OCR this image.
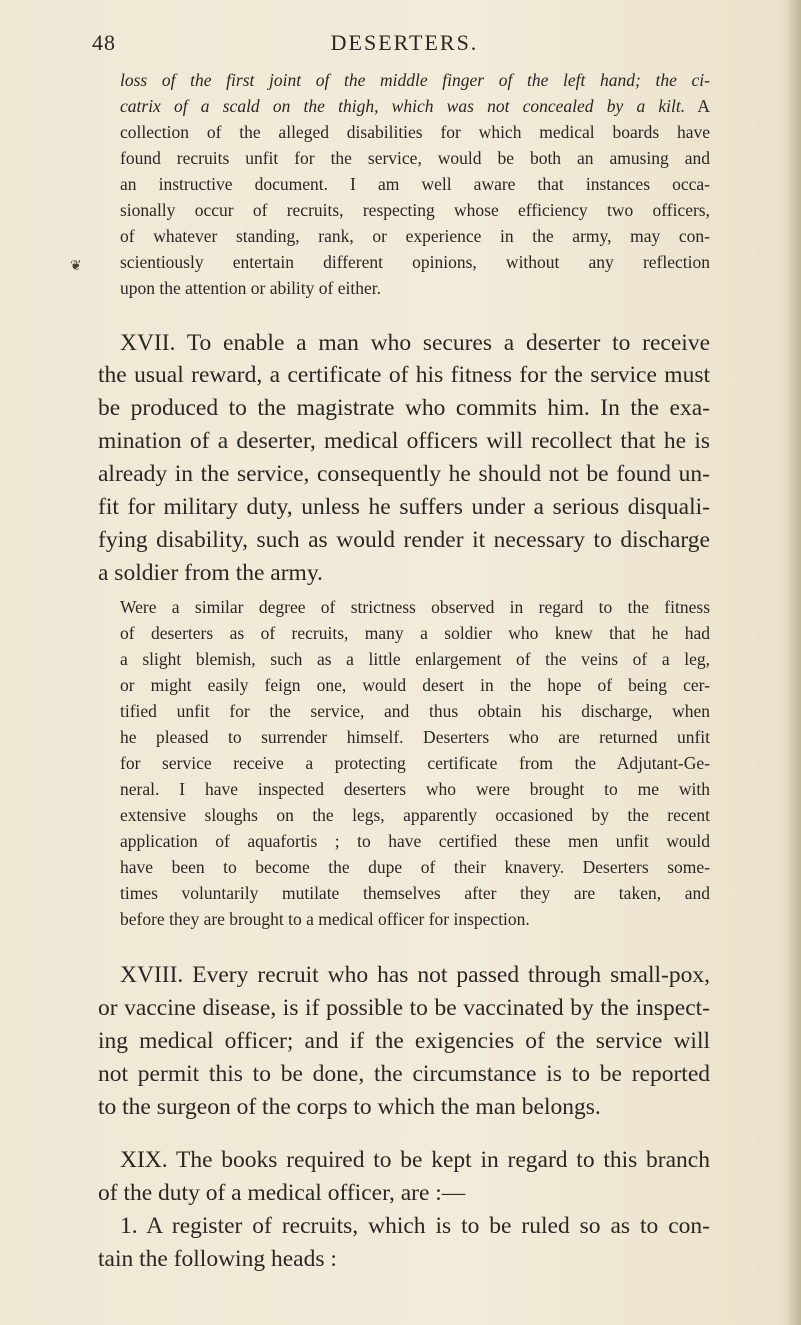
48	DESERTERS.
❦
loss of the first joint of the middle finger of the left hand; the ci-
catrix of a scald on the thigh, which was not concealed by a kilt. A
collection of the alleged disabilities for which medical boards have
found recruits unfit for the service, would be both an amusing and
an instructive document. I am well aware that instances occa-
sionally occur of recruits, respecting whose efficiency two officers,
of whatever standing, rank, or experience in the army, may con-
scientiously entertain different opinions, without any reflection
upon the attention or ability of either.
XVII. To enable a man who secures a deserter to receive
the usual reward, a certificate of his fitness for the service must
be produced to the magistrate who commits him. In the exa-
mination of a deserter, medical officers will recollect that he is
already in the service, consequently he should not be found un-
fit for military duty, unless he suffers under a serious disquali-
fying disability, such as would render it necessary to discharge
a soldier from the army.
Were a similar degree of strictness observed in regard to the fitness
of deserters as of recruits, many a soldier who knew that he had
a slight blemish, such as a little enlargement of the veins of a leg,
or might easily feign one, would desert in the hope of being cer-
tified unfit for the service, and thus obtain his discharge, when
he pleased to surrender himself. Deserters who are returned unfit
for service receive a protecting certificate from the Adjutant-Ge-
neral. I have inspected deserters who were brought to me with
extensive sloughs on the legs, apparently occasioned by the recent
application of aquafortis ; to have certified these men unfit would
have been to become the dupe of their knavery. Deserters some-
times voluntarily mutilate themselves after they are taken, and
before they are brought to a medical officer for inspection.
XVIII. Every recruit who has not passed through small-pox,
or vaccine disease, is if possible to be vaccinated by the inspect-
ing medical officer; and if the exigencies of the service will
not permit this to be done, the circumstance is to be reported
to the surgeon of the corps to which the man belongs.
XIX. The books required to be kept in regard to this branch
of the duty of a medical officer, are :—
1. A register of recruits, which is to be ruled so as to con-
tain the following heads :
